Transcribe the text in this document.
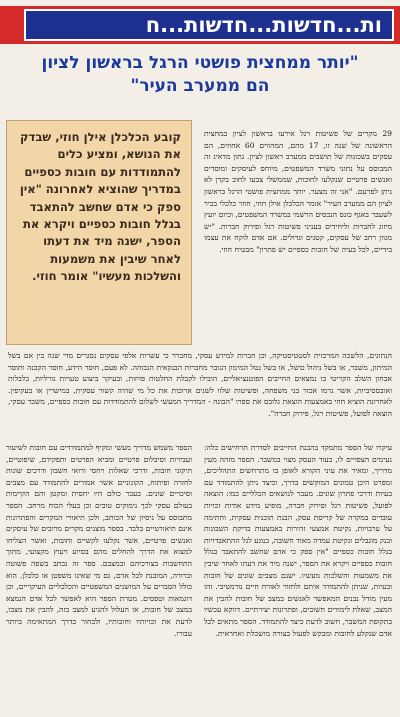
ות...חדשות...חדשות...ח
"יותר ממחצית פושטי הרגל בראשון לציון
הם ממערב העיר"

29 מקרים של פשיטות רגל אירעו בראשון לציון במחצית הראשונה של שנה זו, 17 מהם, המהווים 60 אחוזים, הם עסקים בשכונות של תושבים ממערב ראשון לציון. נתון מדאיג זה המבוסס על נתוני משרד המשפטים, מיוחס לעיסקים ומוסדים ואנשים פרטיים שנקלעו לחובות, שממשלי צבעו לחוב בקרן לא ניתן לפרעם. "אני זה מצער. יותר ממחצית פושטי הרגל בראשון לציון הם ממערב העיר" אומר הכלכלן אילן חוזי, חוזר כלכלי בכיר לשעבר באגף כונס הנכסים הרשמי במשרד המשפטים, וכיום יועץ מיזוג לחברות וליחידים בעניני פשיטות רגל ופירוק חברות. "יש מגוון רחב של עסקים, קטנים וגדולים. אם אדם לוקח את עצמו בידיים, לכל בעיה של חובות כספיים יש פתרון" מבטיח חוזי.

קובע הכלכלן אילן חוזי, שבדק את הנושא, ומציע כלים להתמודדות עם חובות כספיים במדריך שהוציא לאחרונה "אין ספק כי אדם שחשב להתאבד בגלל חובות כספיים ויקרא את הספר, ישנה מיד את דעתו לאחר שיבין את משמעות והשלכות מעשיו" אומר חוזי.

הנתונים, הלשכה המרכזית לסטטיסטיקה, וכן חברות למידע עסקי, מחברר כי עשרות אלפי עסקים נסגרים מדי שנה בין אם בשל המיתון, משבר, או בשל ניהול כושל, או בשל נטל המימון הגובר מחברות הבנקאית הגבוהה. לא פעם, חוסר הידע, חוסר הקבנה ותוסר אבחון השלב הקריטי בו נמצאים החייבים הפוטנציאליים, הובילו לקבלת החלטות פזיזות, ובעיקר ביצוע טעויות גורליות, בלבלות ואובססיביות, אשר גרמו אכזר בני משפחה, ופשיטות שלוו לשנים ארוכות את כל מי שהיה קשור עסקית, במישרין או בעקיפין. לאחרונה הוציא חוזי באמצעות הוצאת גלובס את ספרו "הבונה - המדריך המעשי לשלום להתמודדות עם חובות כספיים, משבר עסקי, הוצאה לפועל, פשיטות רגל, פירוק חברה".

עיקרו של הספר מתמקד בהבנת החייבים לסדרת תרחישים כלה: נעימים הצפויים לו, בעוד העסק מצוי במשבר. הספר מזהה מעין מדריך, ומאיר את עיני הקורא לאופן בו מתרחשים התהליכים, ומפרט היכן טמונים המוקשים בדרך, וכיצד ניתן להתמודד עם בעיות ודרכי פתרון שונים. מעבר לנושאים הכלליים כמו: הוצאה לפועל, פשיטות רגל ופירוק חברה, מופיע מידע אודות זכויות עובדים במקרה של קריסת עסק, הבנת תוכנית עסקית, וחתימה על ערבויות, נקיטת אמצעי זהירות באמצעות בדיקת השבונות ובנק מוגבלים ונקיטת עמדה מאוד חשובה, בנוגע לגל ההתאבדויות בגלל חובות כספיים "אין ספק כי אדם שחשב להתאבד בגלל חובות כספיים ויקרא את הספר, ישנה מיד את דעתו לאחר שיבין את משמעות והשלכות מעשיו. ישנם מצבים שונים של חובות ובעיות, שניתן להתמודד איתם ולחזור לאורח חיים נורמטיבי. זהו מעין מודל נבנים המאפשר לאנשים במצב של חובות להבין את המצב, שאלת לימודים חשובים, ופתרונות יצירתיים. דווקא עכשיו בתקופת המשבר, חשוב לדעת כיצד להתמודד. הספר מתאים לכל אדם שנקלע לחובות ומבקש לפעול בצורה מושכלת ואחראית.

הספר משמש מדריך מעשי ומקיף למתמודדים עם חובות לשיעור ועבירות וסיבלום פרטיים ומביא הפרטים ותפקידם, שיפוטיים, תיקוני חובות, ודרכי שאלות ויחסי ורואי חשבון ודרכים שונות לחזרה ופיתוח, הקונוניים אשר אמורים להתמודד עם מצבים וסיכויים שונים. בעבר כולם היו יחסית ומקטן והם הקיימות בעולם עסקי לכך נימוקים טובים וכן בעלי הכוח מרחב. הספר מתבוסס על ניסיון של הכותב, ולכן תיאורי המקרים והפתרונות אינם תיאורטיים בלבד. בספר מוצגים מקרים מרובים של עיסקים ואנשים פרטיים, אשר נקלעו לקשיים וחובות, ואשר הצליחו למצוא את הדרך להחלים מהם בסיוע ויעוץ מקצועי, מתוך התחשבות בצורכיהם ובמצבם. ספר זה נכתב בשפה פשוטה וברורה, המובנת לכל אדם, גם מי שאינו משפטן או כלכלן. הוא כולל הסברים על המושגים המשפטיים והכלכליים העיקריים, וכן דוגמאות וטפסים. מטרת הספר היא לאפשר לכל אדם הנמצא במצב של חובות, או העלול להגיע למצב כזה, להבין את מצבו, לדעת את זכויותיו וחובותיו, ולבחור בדרך המתאימה ביותר עבורו.
